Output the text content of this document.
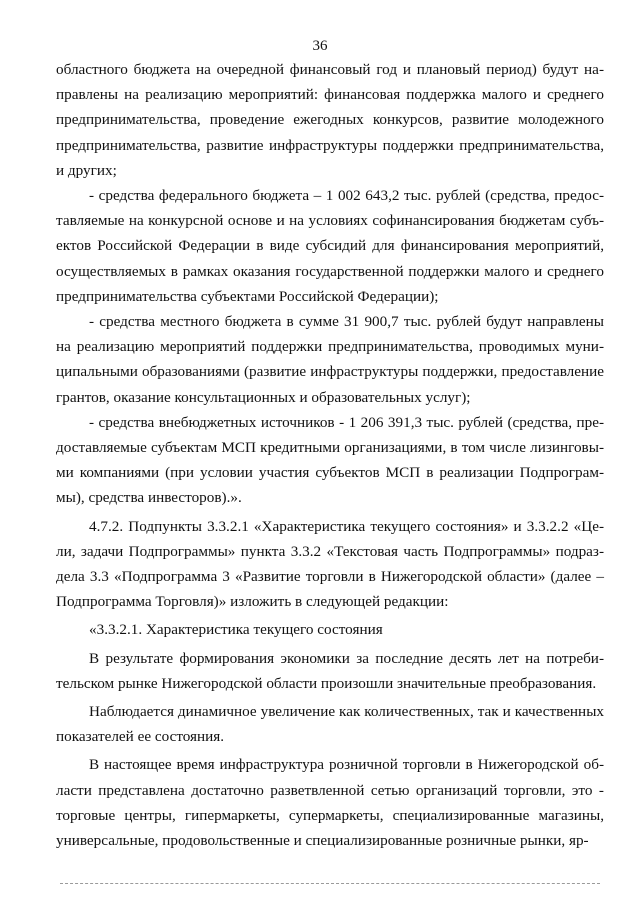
36

областного бюджета на очередной финансовый год и плановый период) будут направлены на реализацию мероприятий: финансовая поддержка малого и среднего предпринимательства, проведение ежегодных конкурсов, развитие молодежного предпринимательства, развитие инфраструктуры поддержки предпринимательства, и других;

- средства федерального бюджета – 1 002 643,2 тыс. рублей (средства, предоставляемые на конкурсной основе и на условиях софинансирования бюджетам субъектов Российской Федерации в виде субсидий для финансирования мероприятий, осуществляемых в рамках оказания государственной поддержки малого и среднего предпринимательства субъектами Российской Федерации);

- средства местного бюджета в сумме 31 900,7 тыс. рублей будут направлены на реализацию мероприятий поддержки предпринимательства, проводимых муниципальными образованиями (развитие инфраструктуры поддержки, предоставление грантов, оказание консультационных и образовательных услуг);

- средства внебюджетных источников - 1 206 391,3 тыс. рублей (средства, предоставляемые субъектам МСП кредитными организациями, в том числе лизинговыми компаниями (при условии участия субъектов МСП в реализации Подпрограммы), средства инвесторов).».

4.7.2. Подпункты 3.3.2.1 «Характеристика текущего состояния» и 3.3.2.2 «Цели, задачи Подпрограммы» пункта 3.3.2 «Текстовая часть Подпрограммы» подраздела 3.3 «Подпрограмма 3 «Развитие торговли в Нижегородской области» (далее – Подпрограмма Торговля)» изложить в следующей редакции:

«3.3.2.1. Характеристика текущего состояния

В результате формирования экономики за последние десять лет на потребительском рынке Нижегородской области произошли значительные преобразования.

Наблюдается динамичное увеличение как количественных, так и качественных показателей ее состояния.

В настоящее время инфраструктура розничной торговли в Нижегородской области представлена достаточно разветвленной сетью организаций торговли, это - торговые центры, гипермаркеты, супермаркеты, специализированные магазины, универсальные, продовольственные и специализированные розничные рынки, яр-
